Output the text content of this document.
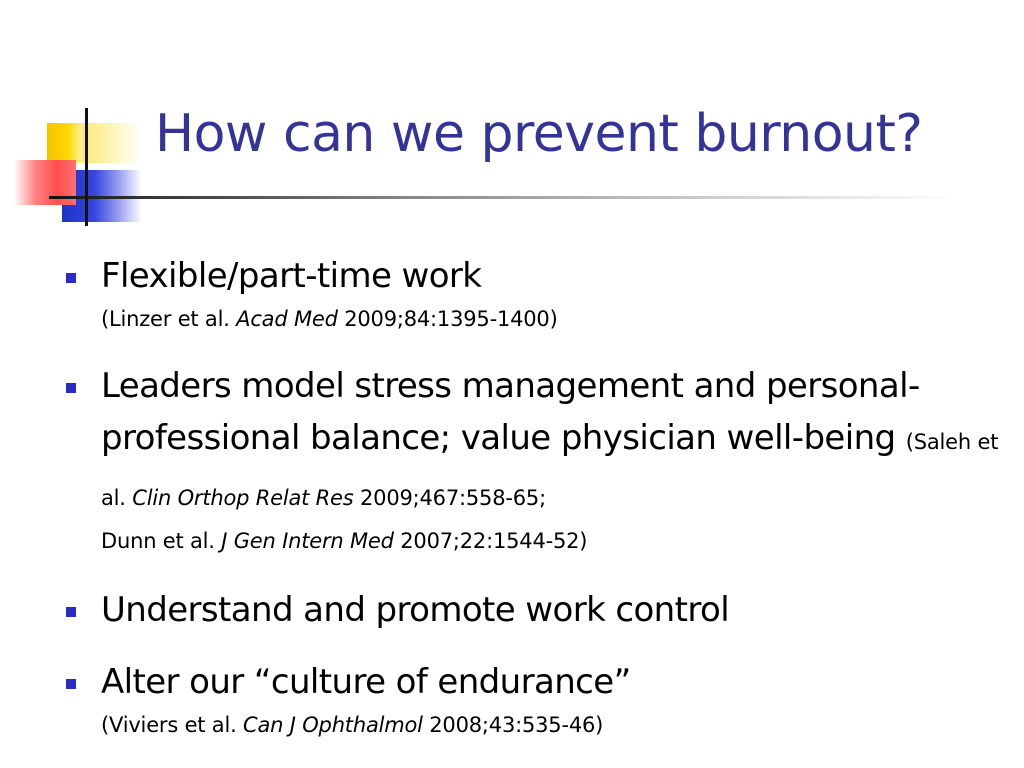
How can we prevent burnout?
Flexible/part-time work
(Linzer et al. Acad Med 2009;84:1395-1400)
Leaders model stress management and personal-professional balance; value physician well-being (Saleh et al. Clin Orthop Relat Res 2009;467:558-65;
Dunn et al. J Gen Intern Med 2007;22:1544-52)
Understand and promote work control
Alter our “culture of endurance”
(Viviers et al. Can J Ophthalmol 2008;43:535-46)
